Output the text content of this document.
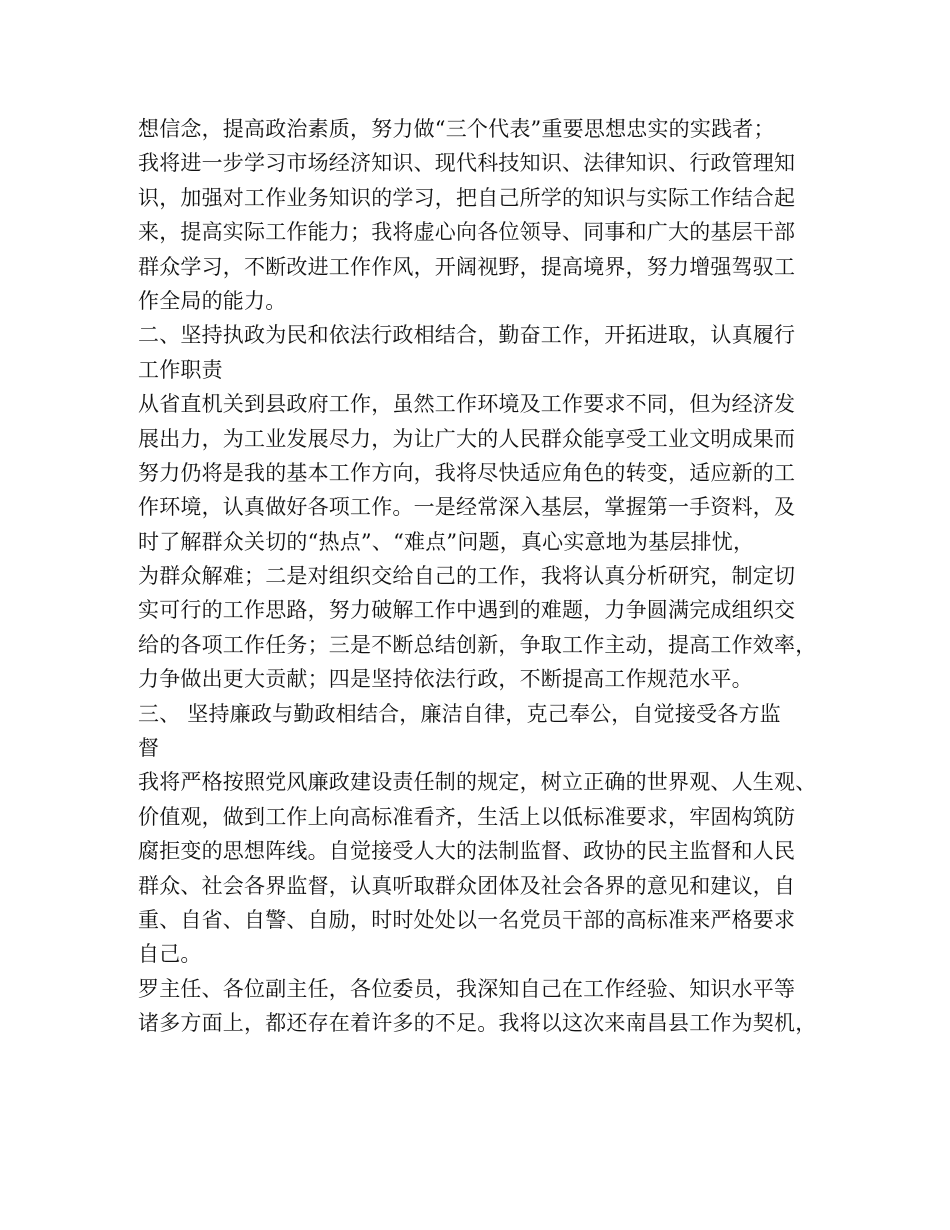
想信念，提高政治素质，努力做“三个代表”重要思想忠实的实践者；
我将进一步学习市场经济知识、现代科技知识、法律知识、行政管理知
识，加强对工作业务知识的学习，把自己所学的知识与实际工作结合起
来，提高实际工作能力；我将虚心向各位领导、同事和广大的基层干部
群众学习，不断改进工作作风，开阔视野，提高境界，努力增强驾驭工
作全局的能力。
二、坚持执政为民和依法行政相结合，勤奋工作，开拓进取，认真履行
工作职责
从省直机关到县政府工作，虽然工作环境及工作要求不同，但为经济发
展出力，为工业发展尽力，为让广大的人民群众能享受工业文明成果而
努力仍将是我的基本工作方向，我将尽快适应角色的转变，适应新的工
作环境，认真做好各项工作。一是经常深入基层，掌握第一手资料，及
时了解群众关切的“热点”、“难点”问题，真心实意地为基层排忧，
为群众解难；二是对组织交给自己的工作，我将认真分析研究，制定切
实可行的工作思路，努力破解工作中遇到的难题，力争圆满完成组织交
给的各项工作任务；三是不断总结创新，争取工作主动，提高工作效率，
力争做出更大贡献；四是坚持依法行政，不断提高工作规范水平。
三、 坚持廉政与勤政相结合，廉洁自律，克己奉公，自觉接受各方监
督
我将严格按照党风廉政建设责任制的规定，树立正确的世界观、人生观、
价值观，做到工作上向高标准看齐，生活上以低标准要求，牢固构筑防
腐拒变的思想阵线。自觉接受人大的法制监督、政协的民主监督和人民
群众、社会各界监督，认真听取群众团体及社会各界的意见和建议，自
重、自省、自警、自励，时时处处以一名党员干部的高标准来严格要求
自己。
罗主任、各位副主任，各位委员，我深知自己在工作经验、知识水平等
诸多方面上，都还存在着许多的不足。我将以这次来南昌县工作为契机，
